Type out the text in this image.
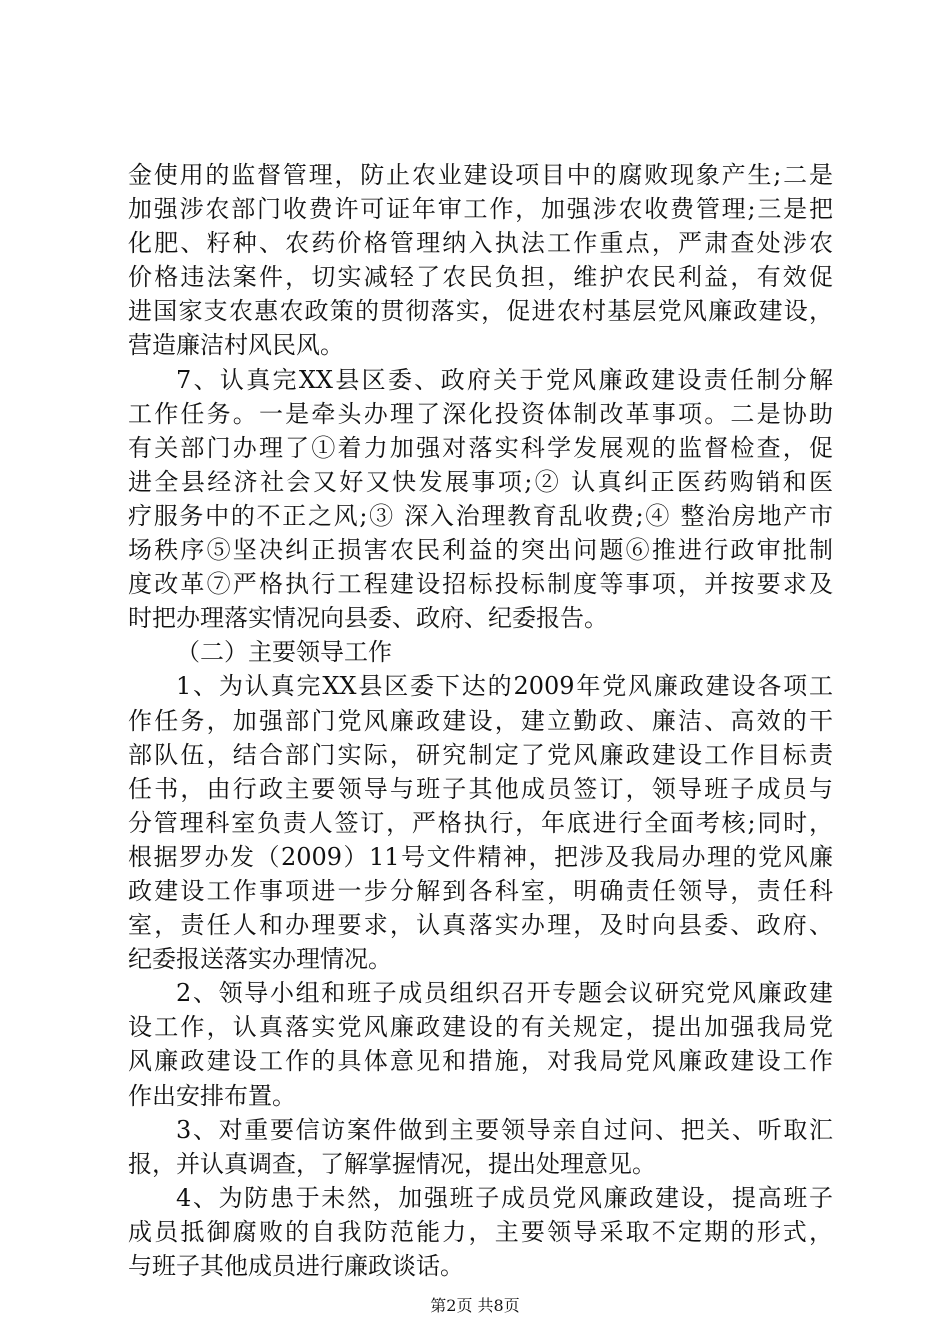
金使用的监督管理，防止农业建设项目中的腐败现象产生;二是
加强涉农部门收费许可证年审工作，加强涉农收费管理;三是把
化肥、籽种、农药价格管理纳入执法工作重点，严肃查处涉农
价格违法案件，切实减轻了农民负担，维护农民利益，有效促
进国家支农惠农政策的贯彻落实，促进农村基层党风廉政建设，
营造廉洁村风民风。
7、认真完XX县区委、政府关于党风廉政建设责任制分解
工作任务。一是牵头办理了深化投资体制改革事项。二是协助
有关部门办理了①着力加强对落实科学发展观的监督检查，促
进全县经济社会又好又快发展事项;② 认真纠正医药购销和医
疗服务中的不正之风;③ 深入治理教育乱收费;④ 整治房地产市
场秩序⑤坚决纠正损害农民利益的突出问题⑥推进行政审批制
度改革⑦严格执行工程建设招标投标制度等事项，并按要求及
时把办理落实情况向县委、政府、纪委报告。
（二）主要领导工作
1、为认真完XX县区委下达的2009年党风廉政建设各项工
作任务，加强部门党风廉政建设，建立勤政、廉洁、高效的干
部队伍，结合部门实际，研究制定了党风廉政建设工作目标责
任书，由行政主要领导与班子其他成员签订，领导班子成员与
分管理科室负责人签订，严格执行，年底进行全面考核;同时，
根据罗办发（2009）11号文件精神，把涉及我局办理的党风廉
政建设工作事项进一步分解到各科室，明确责任领导，责任科
室，责任人和办理要求，认真落实办理，及时向县委、政府、
纪委报送落实办理情况。
2、领导小组和班子成员组织召开专题会议研究党风廉政建
设工作，认真落实党风廉政建设的有关规定，提出加强我局党
风廉政建设工作的具体意见和措施，对我局党风廉政建设工作
作出安排布置。
3、对重要信访案件做到主要领导亲自过问、把关、听取汇
报，并认真调查，了解掌握情况，提出处理意见。
4、为防患于未然，加强班子成员党风廉政建设，提高班子
成员抵御腐败的自我防范能力，主要领导采取不定期的形式，
与班子其他成员进行廉政谈话。
第2页 共8页
